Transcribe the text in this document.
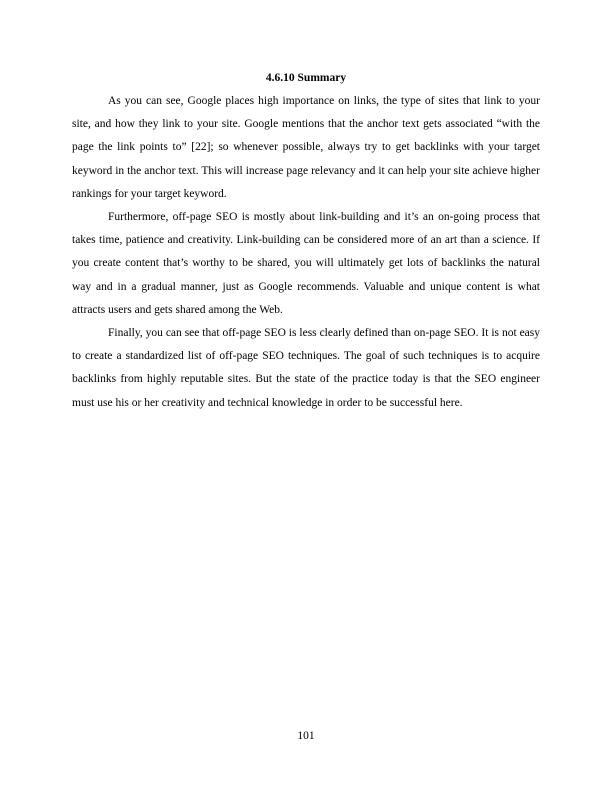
4.6.10 Summary

As you can see, Google places high importance on links, the type of sites that link to your site, and how they link to your site. Google mentions that the anchor text gets associated “with the page the link points to” [22]; so whenever possible, always try to get backlinks with your target keyword in the anchor text. This will increase page relevancy and it can help your site achieve higher rankings for your target keyword.

Furthermore, off-page SEO is mostly about link-building and it’s an on-going process that takes time, patience and creativity. Link-building can be considered more of an art than a science. If you create content that’s worthy to be shared, you will ultimately get lots of backlinks the natural way and in a gradual manner, just as Google recommends. Valuable and unique content is what attracts users and gets shared among the Web.

Finally, you can see that off-page SEO is less clearly defined than on-page SEO. It is not easy to create a standardized list of off-page SEO techniques. The goal of such techniques is to acquire backlinks from highly reputable sites. But the state of the practice today is that the SEO engineer must use his or her creativity and technical knowledge in order to be successful here.

101
